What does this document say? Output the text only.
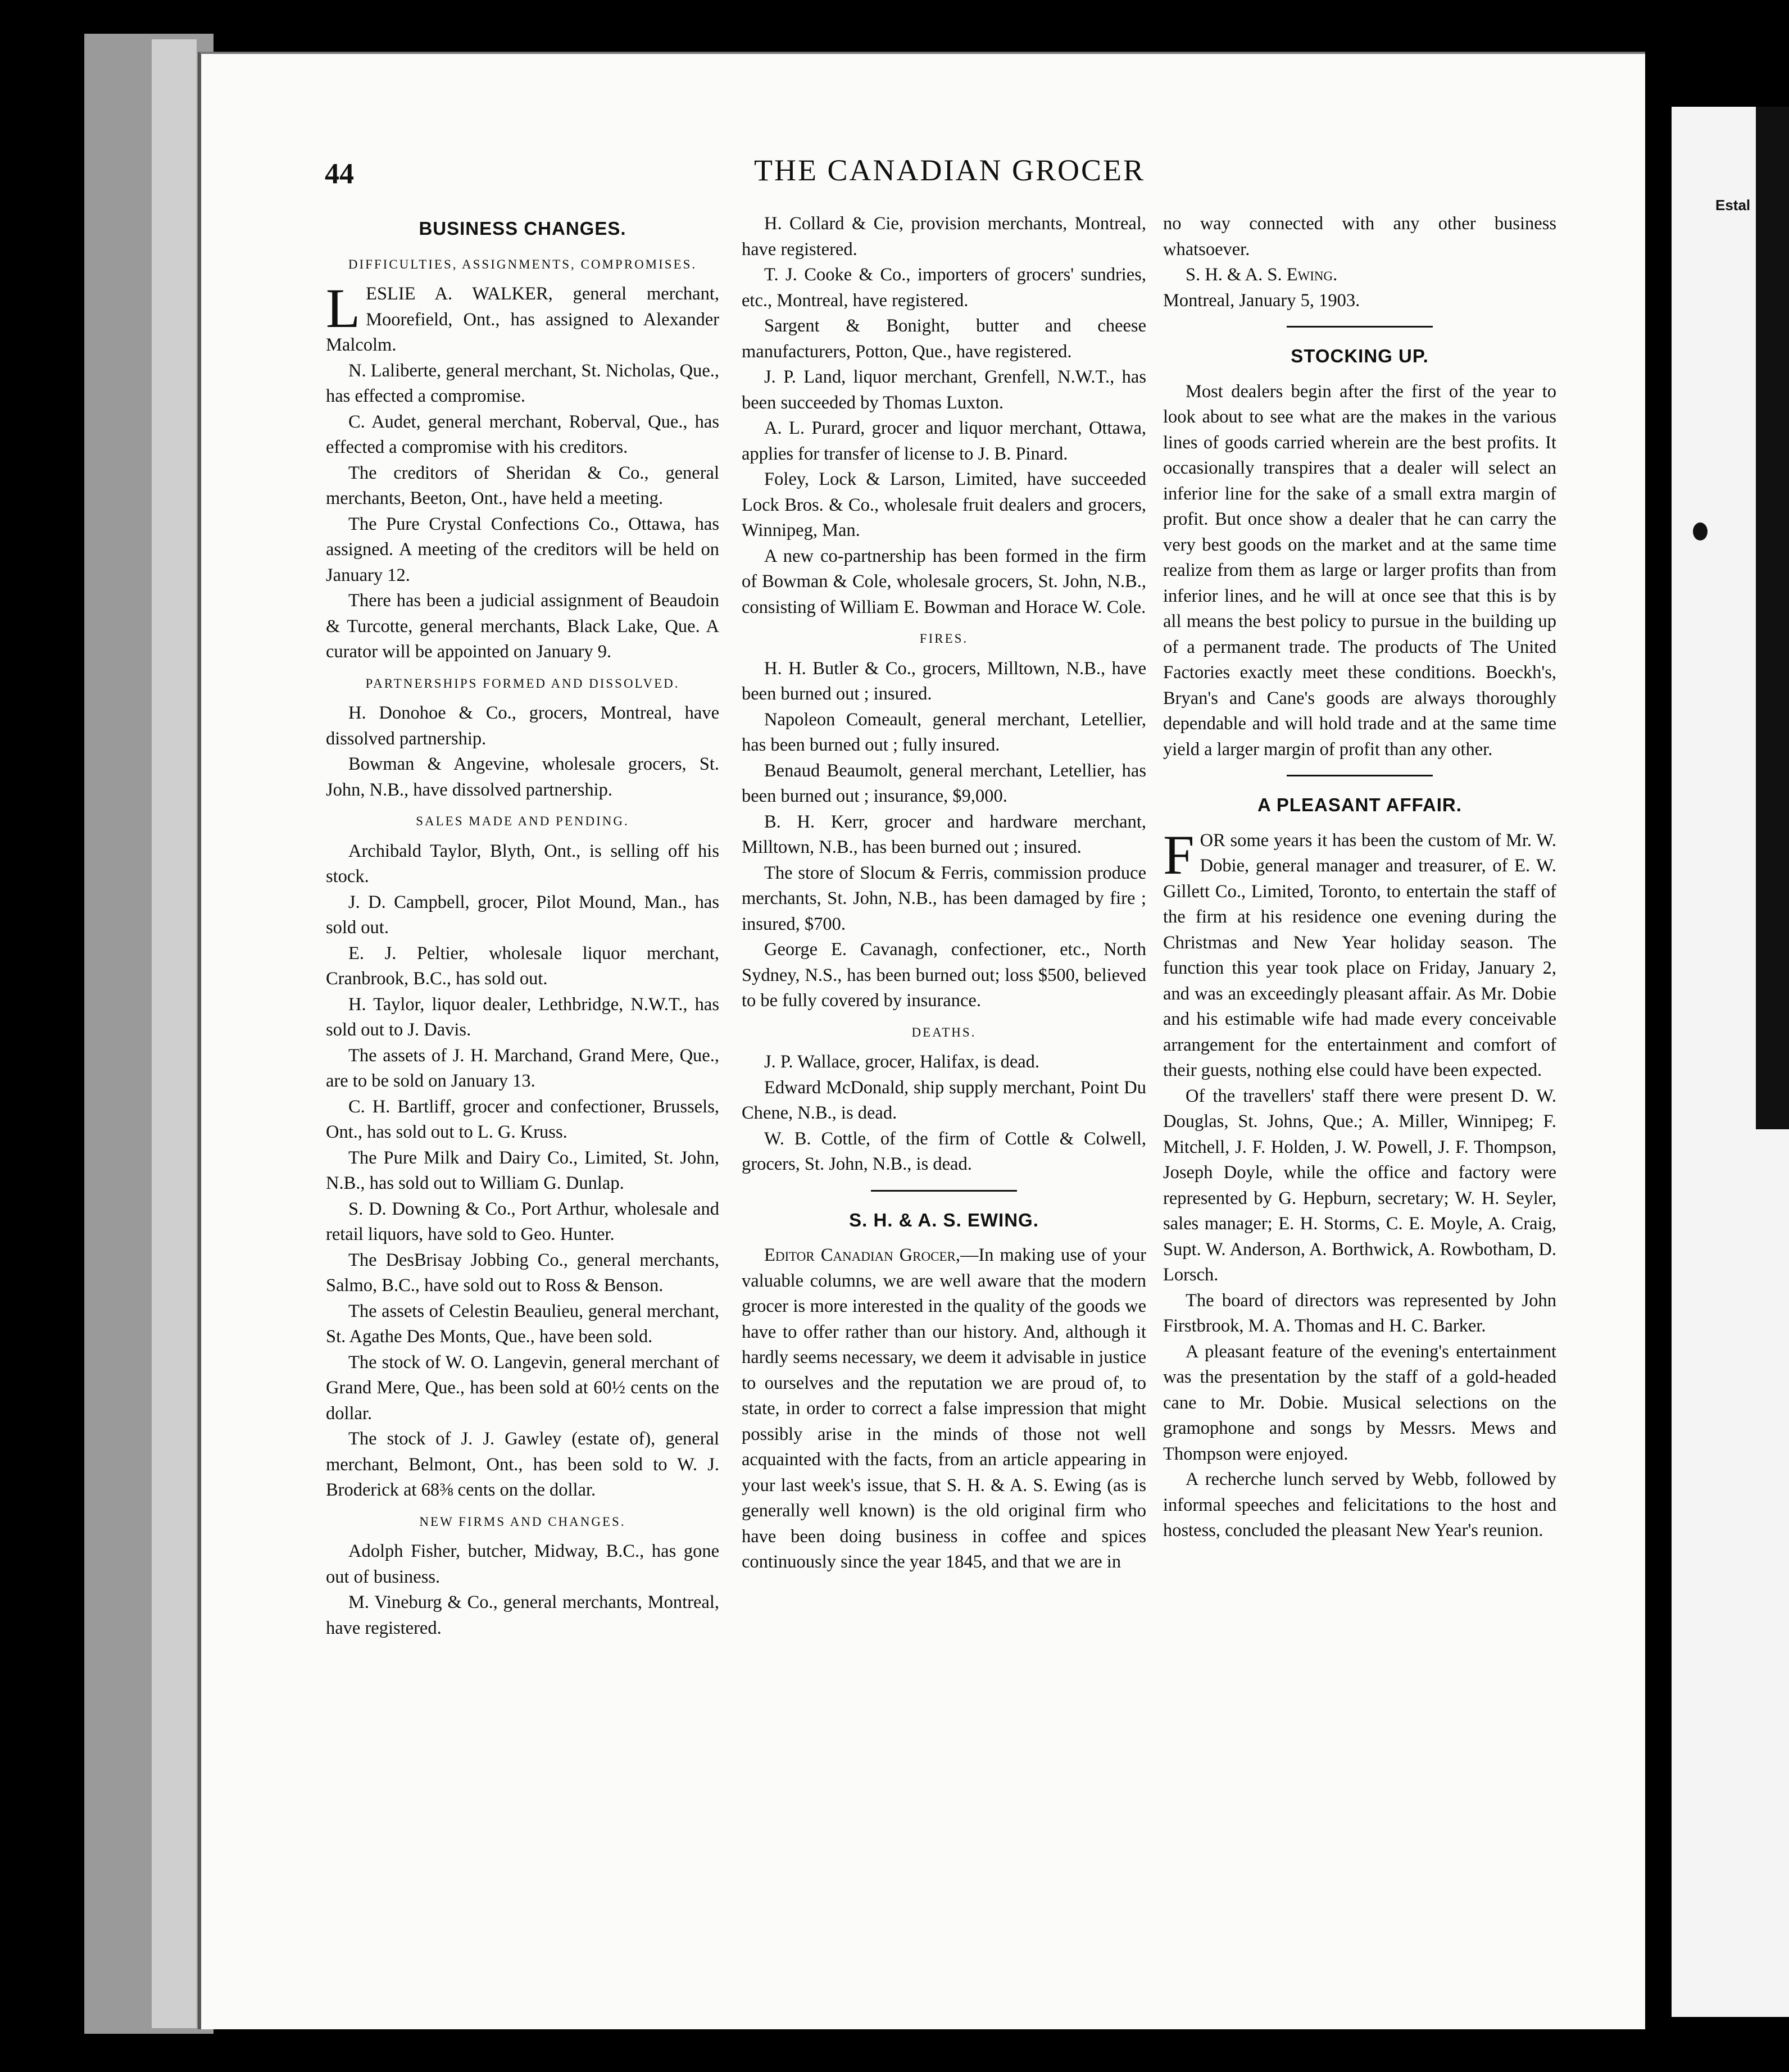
Estal
44	THE CANADIAN GROCER
BUSINESS CHANGES.
DIFFICULTIES, ASSIGNMENTS, COMPROMISES.

LESLIE A. WALKER, general merchant, Moorefield, Ont., has assigned to Alexander Malcolm.

N. Laliberte, general merchant, St. Nicholas, Que., has effected a compromise.

C. Audet, general merchant, Roberval, Que., has effected a compromise with his creditors.

The creditors of Sheridan & Co., general merchants, Beeton, Ont., have held a meeting.

The Pure Crystal Confections Co., Ottawa, has assigned. A meeting of the creditors will be held on January 12.

There has been a judicial assignment of Beaudoin & Turcotte, general merchants, Black Lake, Que. A curator will be appointed on January 9.

PARTNERSHIPS FORMED AND DISSOLVED.

H. Donohoe & Co., grocers, Montreal, have dissolved partnership.

Bowman & Angevine, wholesale grocers, St. John, N.B., have dissolved partnership.

SALES MADE AND PENDING.

Archibald Taylor, Blyth, Ont., is selling off his stock.

J. D. Campbell, grocer, Pilot Mound, Man., has sold out.

E. J. Peltier, wholesale liquor merchant, Cranbrook, B.C., has sold out.

H. Taylor, liquor dealer, Lethbridge, N.W.T., has sold out to J. Davis.

The assets of J. H. Marchand, Grand Mere, Que., are to be sold on January 13.

C. H. Bartliff, grocer and confectioner, Brussels, Ont., has sold out to L. G. Kruss.

The Pure Milk and Dairy Co., Limited, St. John, N.B., has sold out to William G. Dunlap.

S. D. Downing & Co., Port Arthur, wholesale and retail liquors, have sold to Geo. Hunter.

The DesBrisay Jobbing Co., general merchants, Salmo, B.C., have sold out to Ross & Benson.

The assets of Celestin Beaulieu, general merchant, St. Agathe Des Monts, Que., have been sold.

The stock of W. O. Langevin, general merchant of Grand Mere, Que., has been sold at 60½ cents on the dollar.

The stock of J. J. Gawley (estate of), general merchant, Belmont, Ont., has been sold to W. J. Broderick at 68⅜ cents on the dollar.

NEW FIRMS AND CHANGES.

Adolph Fisher, butcher, Midway, B.C., has gone out of business.

M. Vineburg & Co., general merchants, Montreal, have registered.

H. Collard & Cie, provision merchants, Montreal, have registered.

T. J. Cooke & Co., importers of grocers' sundries, etc., Montreal, have registered.

Sargent & Bonight, butter and cheese manufacturers, Potton, Que., have registered.

J. P. Land, liquor merchant, Grenfell, N.W.T., has been succeeded by Thomas Luxton.

A. L. Purard, grocer and liquor merchant, Ottawa, applies for transfer of license to J. B. Pinard.

Foley, Lock & Larson, Limited, have succeeded Lock Bros. & Co., wholesale fruit dealers and grocers, Winnipeg, Man.

A new co-partnership has been formed in the firm of Bowman & Cole, wholesale grocers, St. John, N.B., consisting of William E. Bowman and Horace W. Cole.

FIRES.

H. H. Butler & Co., grocers, Milltown, N.B., have been burned out ; insured.

Napoleon Comeault, general merchant, Letellier, has been burned out ; fully insured.

Benaud Beaumolt, general merchant, Letellier, has been burned out ; insurance, $9,000.

B. H. Kerr, grocer and hardware merchant, Milltown, N.B., has been burned out ; insured.

The store of Slocum & Ferris, commission produce merchants, St. John, N.B., has been damaged by fire ; insured, $700.

George E. Cavanagh, confectioner, etc., North Sydney, N.S., has been burned out; loss $500, believed to be fully covered by insurance.

DEATHS.

J. P. Wallace, grocer, Halifax, is dead.

Edward McDonald, ship supply merchant, Point Du Chene, N.B., is dead.

W. B. Cottle, of the firm of Cottle & Colwell, grocers, St. John, N.B., is dead.

S. H. & A. S. EWING.

Editor Canadian Grocer,—In making use of your valuable columns, we are well aware that the modern grocer is more interested in the quality of the goods we have to offer rather than our history. And, although it hardly seems necessary, we deem it advisable in justice to ourselves and the reputation we are proud of, to state, in order to correct a false impression that might possibly arise in the minds of those not well acquainted with the facts, from an article appearing in your last week's issue, that S. H. & A. S. Ewing (as is generally well known) is the old original firm who have been doing business in coffee and spices continuously since the year 1845, and that we are in

no way connected with any other business whatsoever.

S. H. & A. S. Ewing.

Montreal, January 5, 1903.

STOCKING UP.

Most dealers begin after the first of the year to look about to see what are the makes in the various lines of goods carried wherein are the best profits. It occasionally transpires that a dealer will select an inferior line for the sake of a small extra margin of profit. But once show a dealer that he can carry the very best goods on the market and at the same time realize from them as large or larger profits than from inferior lines, and he will at once see that this is by all means the best policy to pursue in the building up of a permanent trade. The products of The United Factories exactly meet these conditions. Boeckh's, Bryan's and Cane's goods are always thoroughly dependable and will hold trade and at the same time yield a larger margin of profit than any other.

A PLEASANT AFFAIR.

FOR some years it has been the custom of Mr. W. Dobie, general manager and treasurer, of E. W. Gillett Co., Limited, Toronto, to entertain the staff of the firm at his residence one evening during the Christmas and New Year holiday season. The function this year took place on Friday, January 2, and was an exceedingly pleasant affair. As Mr. Dobie and his estimable wife had made every conceivable arrangement for the entertainment and comfort of their guests, nothing else could have been expected.

Of the travellers' staff there were present D. W. Douglas, St. Johns, Que.; A. Miller, Winnipeg; F. Mitchell, J. F. Holden, J. W. Powell, J. F. Thompson, Joseph Doyle, while the office and factory were represented by G. Hepburn, secretary; W. H. Seyler, sales manager; E. H. Storms, C. E. Moyle, A. Craig, Supt. W. Anderson, A. Borthwick, A. Rowbotham, D. Lorsch.

The board of directors was represented by John Firstbrook, M. A. Thomas and H. C. Barker.

A pleasant feature of the evening's entertainment was the presentation by the staff of a gold-headed cane to Mr. Dobie. Musical selections on the gramophone and songs by Messrs. Mews and Thompson were enjoyed.

A recherche lunch served by Webb, followed by informal speeches and felicitations to the host and hostess, concluded the pleasant New Year's reunion.
